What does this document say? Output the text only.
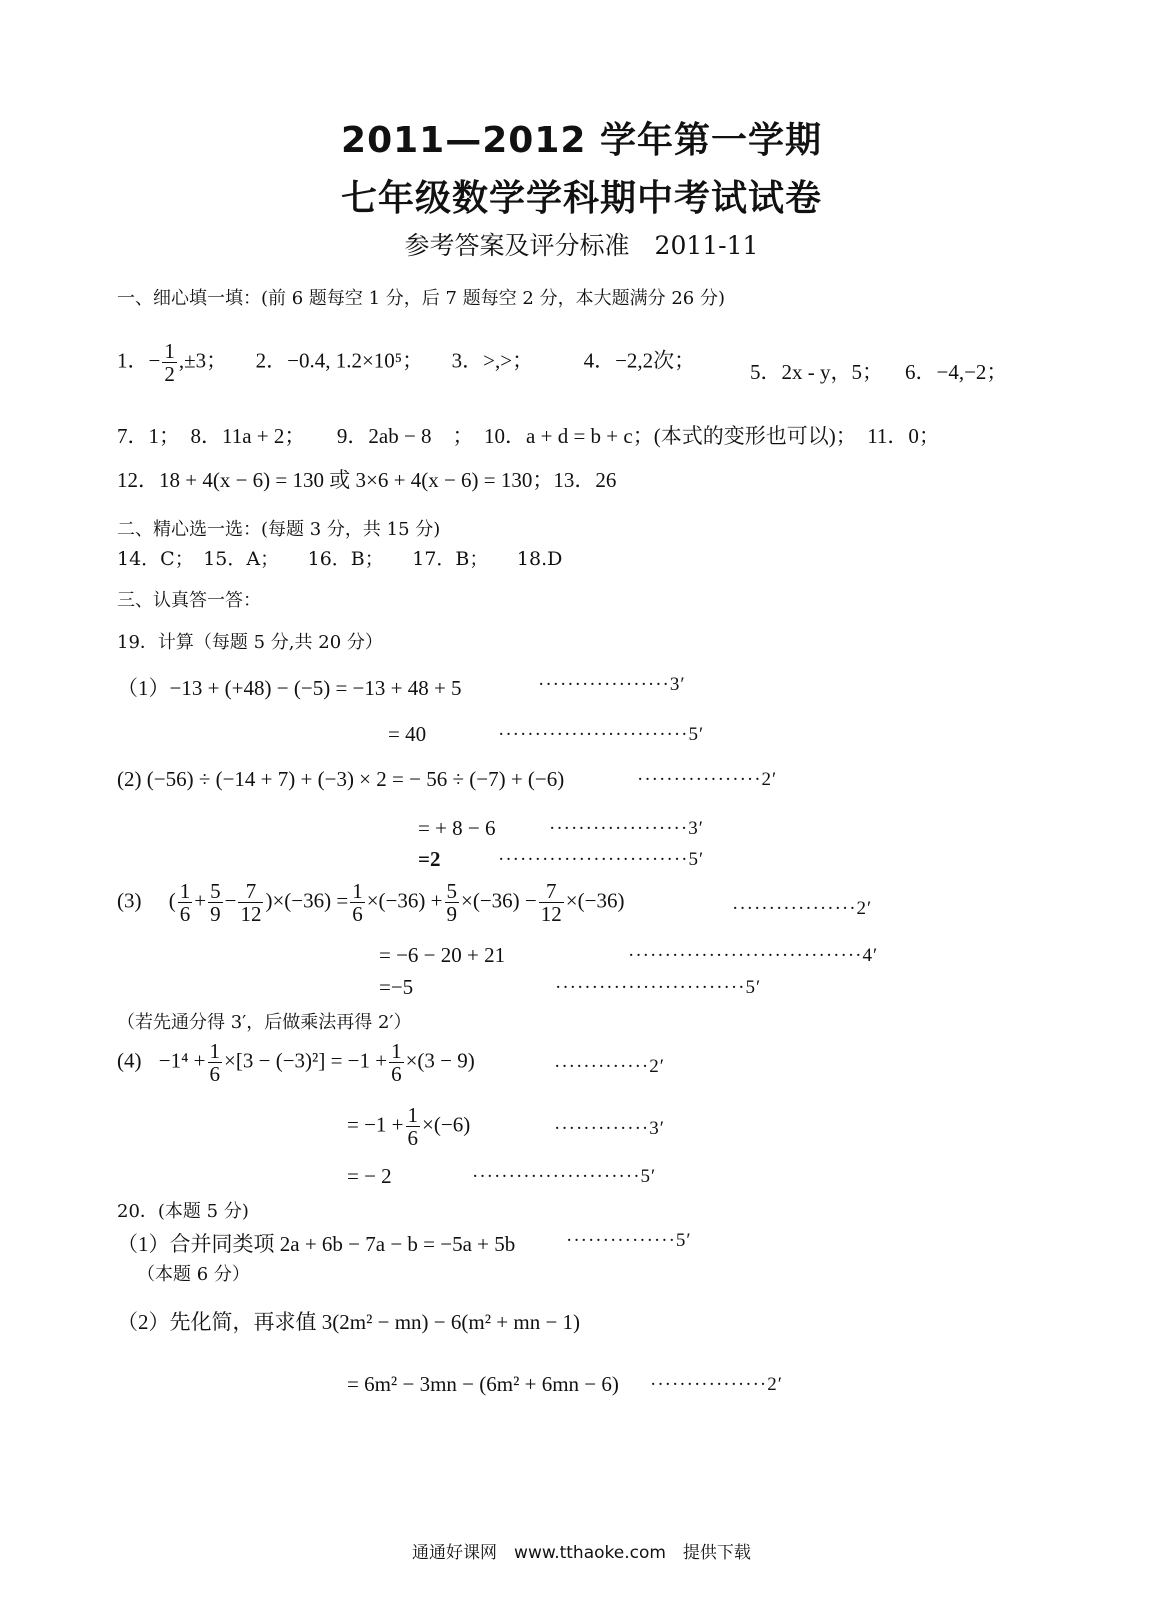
2011—2012 学年第一学期
七年级数学学科期中考试试卷
参考答案及评分标准　2011-11
一、细心填一填：(前 6 题每空 1 分，后 7 题每空 2 分，本大题满分 26 分)
1．− $\frac{1}{2} ,\pm 3$； 2．−0.4, 1.2×10⁵； 3．>,>； 4．−2,2次；	5．2x - y，5； 6．−4,−2；
7．1；　8．11a + 2；　　9．2ab − 8　；　10．a + d = b + c；(本式的变形也可以)；　11．0；
12．18 + 4(x − 6) = 130 或 3×6 + 4(x − 6) = 130；13．26
二、精心选一选：(每题 3 分，共 15 分)
14．C；　15．A；　　16．B；　　17．B；　　18.D
三、认真答一答：
19．计算（每题 5 分,共 20 分）
（1）−13 + (+48) − (−5) = −13 + 48 + 5	··················3′
= 40	··························5′
(2) (−56) ÷ (−14 + 7) + (−3) × 2 = − 56 ÷ (−7) + (−6)	·················2′
= + 8 − 6	···················3′
=2	··························5′
(3) ( $\frac{1}{6} + \frac{5}{9} - \frac{7}{12} )\times(-36) = \frac{1}{6} \times(-36) + \frac{5}{9} \times(-36) - \frac{7}{12} \times(-36)$	·················2′
= −6 − 20 + 21	································4′
=−5	··························5′
（若先通分得 3′，后做乘法再得 2′）
$(4) -1^4 + \frac{1}{6} \times[3 - (-3)^2] = -1 + \frac{1}{6} \times(3 - 9)$	·············2′
= $-1 + \frac{1}{6} \times(-6)$	·············3′
= − 2	·······················5′
20．(本题 5 分)
（1）合并同类项 2a + 6b − 7a − b = −5a + 5b	···············5′
（本题 6 分）
（2）先化简，再求值 3(2m² − mn) − 6(m² + mn − 1)
= 6m² − 3mn − (6m² + 6mn − 6) ················2′
通通好课网　www.tthaoke.com　提供下载
